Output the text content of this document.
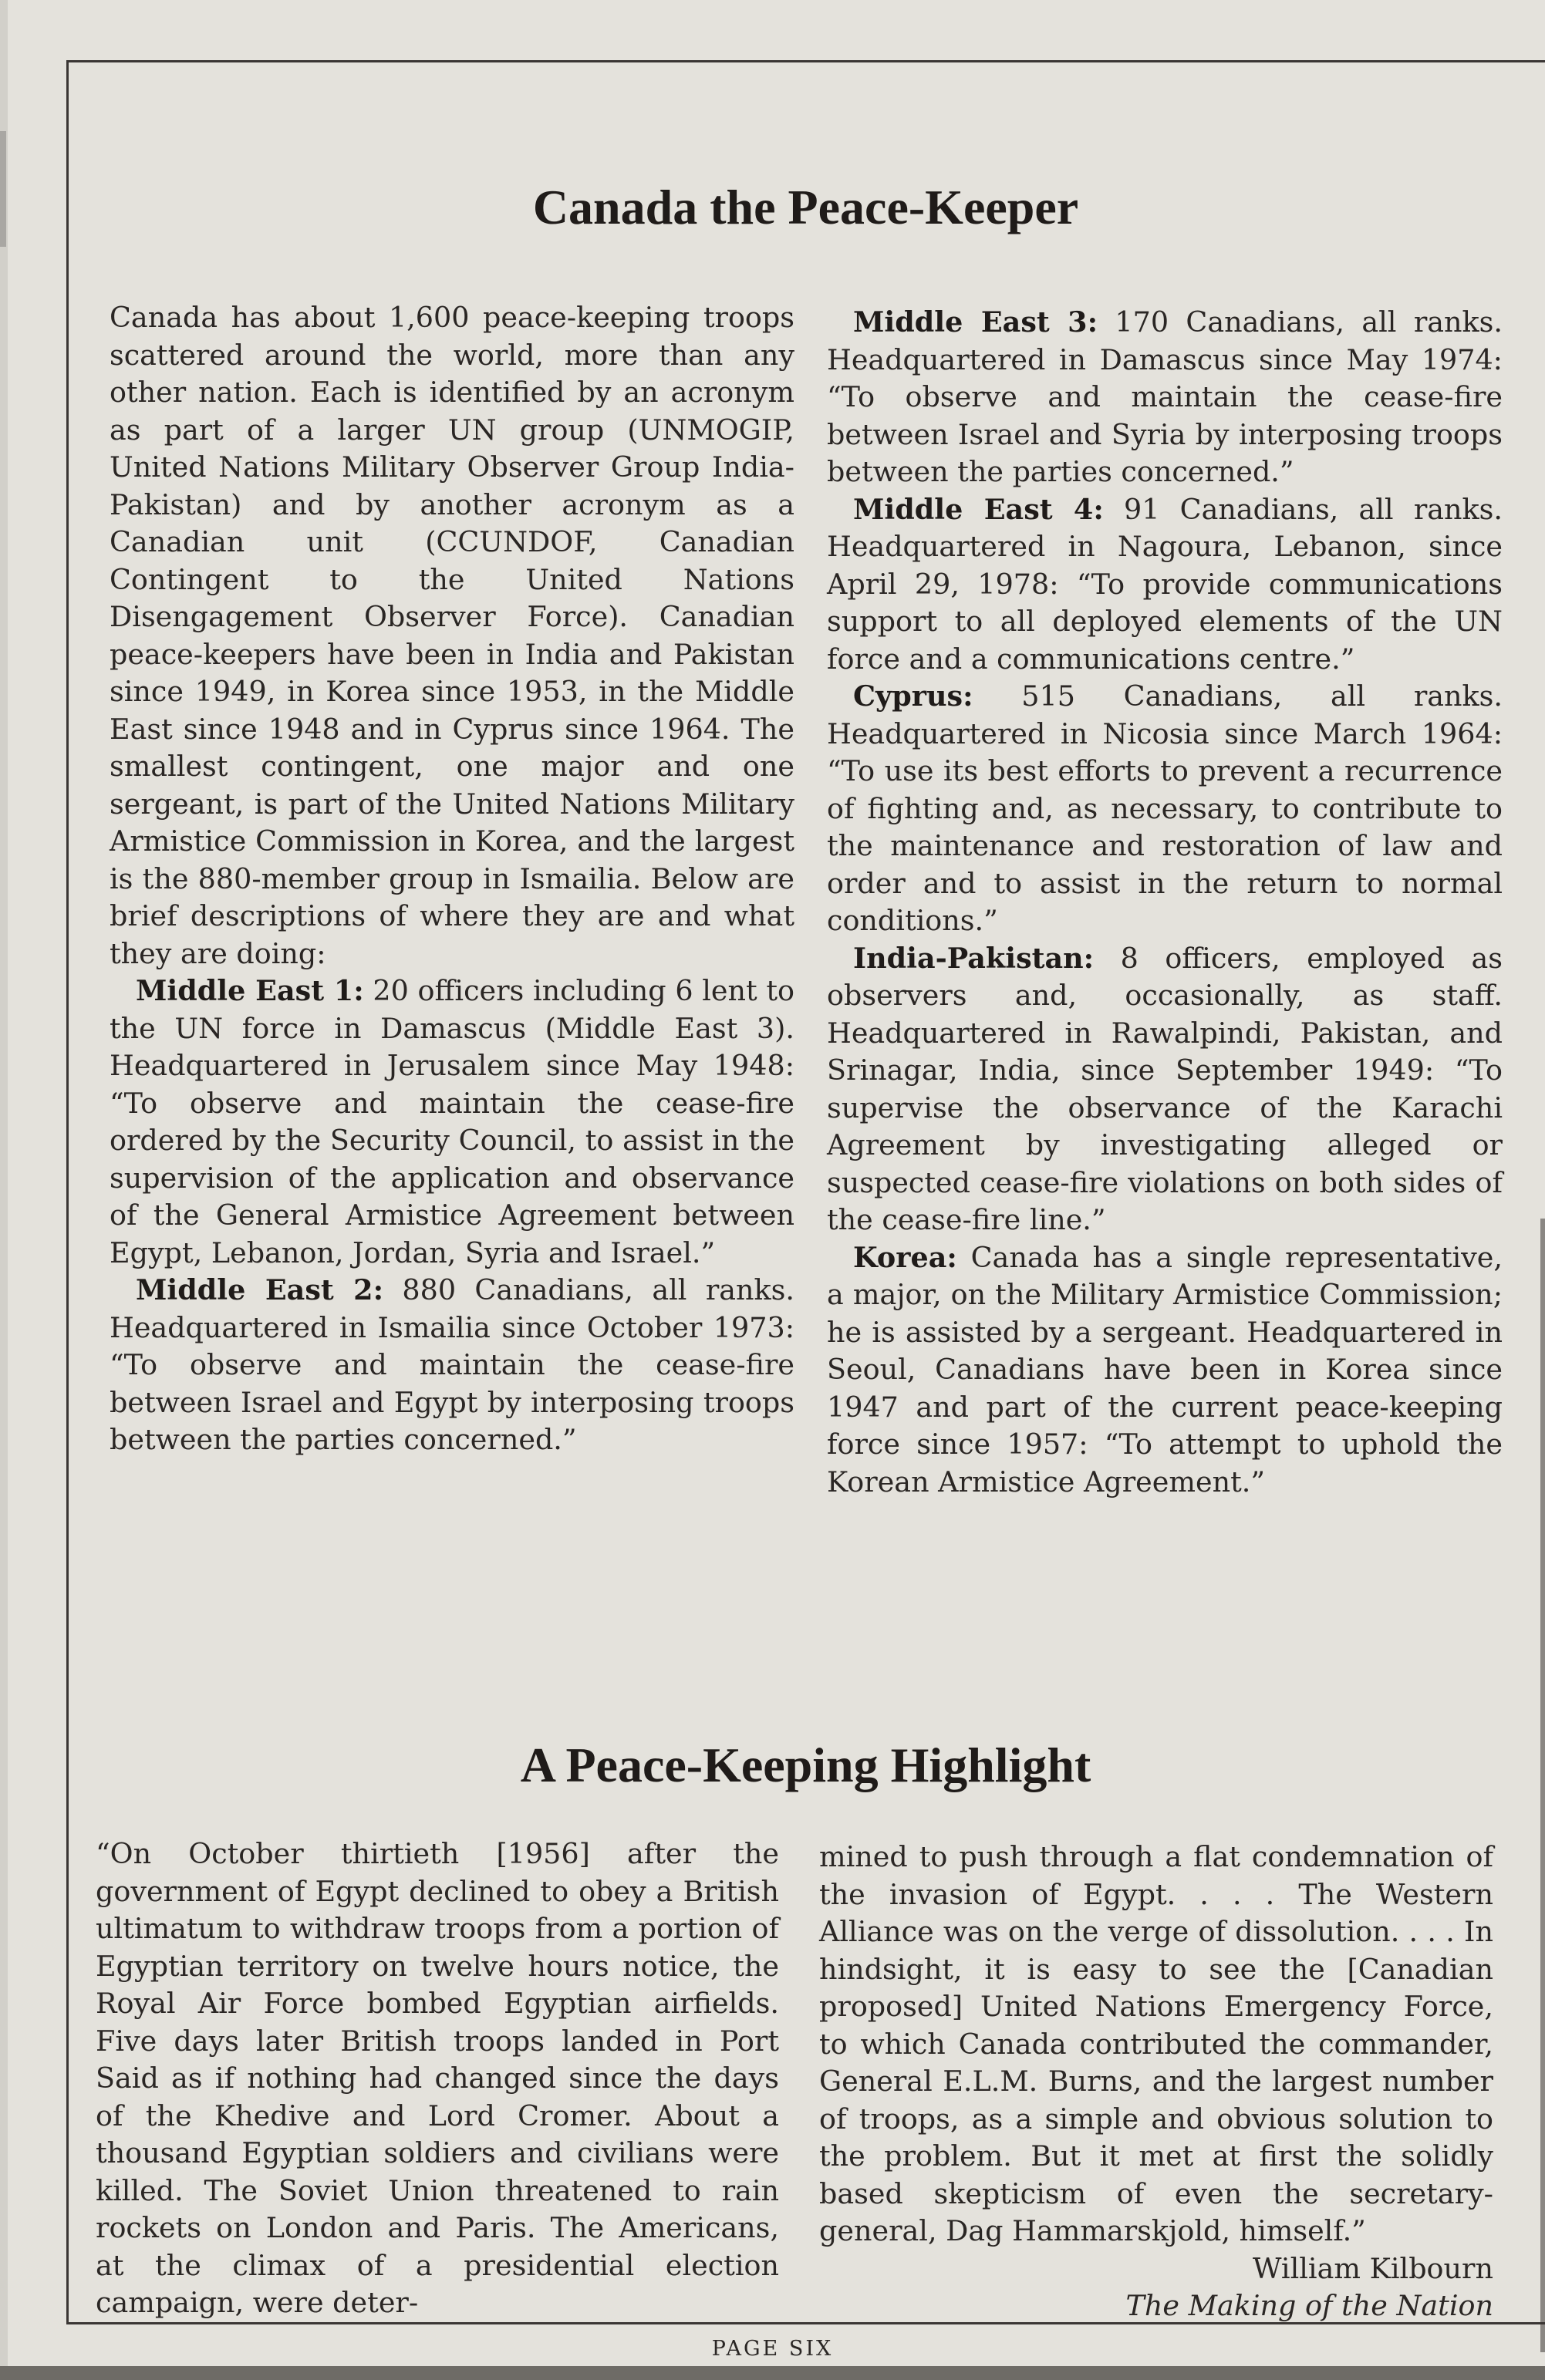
Canada the Peace-Keeper

Canada has about 1,600 peace-keeping troops scattered around the world, more than any other nation. Each is identified by an acronym as part of a larger UN group (UNMOGIP, United Nations Military Observer Group India-Pakistan) and by another acronym as a Canadian unit (CCUNDOF, Canadian Contingent to the United Nations Disengagement Observer Force). Canadian peace-keepers have been in India and Pakistan since 1949, in Korea since 1953, in the Middle East since 1948 and in Cyprus since 1964. The smallest contingent, one major and one sergeant, is part of the United Nations Military Armistice Commission in Korea, and the largest is the 880-member group in Ismailia. Below are brief descriptions of where they are and what they are doing:

Middle East 1: 20 officers including 6 lent to the UN force in Damascus (Middle East 3). Headquartered in Jerusalem since May 1948: “To observe and maintain the cease-fire ordered by the Security Council, to assist in the supervision of the application and observance of the General Armistice Agreement between Egypt, Lebanon, Jordan, Syria and Israel.”

Middle East 2: 880 Canadians, all ranks. Headquartered in Ismailia since October 1973: “To observe and maintain the cease-fire between Israel and Egypt by interposing troops between the parties concerned.”

Middle East 3: 170 Canadians, all ranks. Headquartered in Damascus since May 1974: “To observe and maintain the cease-fire between Israel and Syria by interposing troops between the parties concerned.”

Middle East 4: 91 Canadians, all ranks. Headquartered in Nagoura, Lebanon, since April 29, 1978: “To provide communications support to all deployed elements of the UN force and a communications centre.”

Cyprus: 515 Canadians, all ranks. Headquartered in Nicosia since March 1964: “To use its best efforts to prevent a recurrence of fighting and, as necessary, to contribute to the maintenance and restoration of law and order and to assist in the return to normal conditions.”

India-Pakistan: 8 officers, employed as observers and, occasionally, as staff. Headquartered in Rawalpindi, Pakistan, and Srinagar, India, since September 1949: “To supervise the observance of the Karachi Agreement by investigating alleged or suspected cease-fire violations on both sides of the cease-fire line.”

Korea: Canada has a single representative, a major, on the Military Armistice Commission; he is assisted by a sergeant. Headquartered in Seoul, Canadians have been in Korea since 1947 and part of the current peace-keeping force since 1957: “To attempt to uphold the Korean Armistice Agreement.”

A Peace-Keeping Highlight

“On October thirtieth [1956] after the government of Egypt declined to obey a British ultimatum to withdraw troops from a portion of Egyptian territory on twelve hours notice, the Royal Air Force bombed Egyptian airfields. Five days later British troops landed in Port Said as if nothing had changed since the days of the Khedive and Lord Cromer. About a thousand Egyptian soldiers and civilians were killed. The Soviet Union threatened to rain rockets on London and Paris. The Americans, at the climax of a presidential election campaign, were deter-

mined to push through a flat condemnation of the invasion of Egypt. . . . The Western Alliance was on the verge of dissolution. . . . In hindsight, it is easy to see the [Canadian proposed] United Nations Emergency Force, to which Canada contributed the commander, General E.L.M. Burns, and the largest number of troops, as a simple and obvious solution to the problem. But it met at first the solidly based skepticism of even the secretary-general, Dag Hammarskjold, himself.”

William Kilbourn
The Making of the Nation
PAGE SIX
